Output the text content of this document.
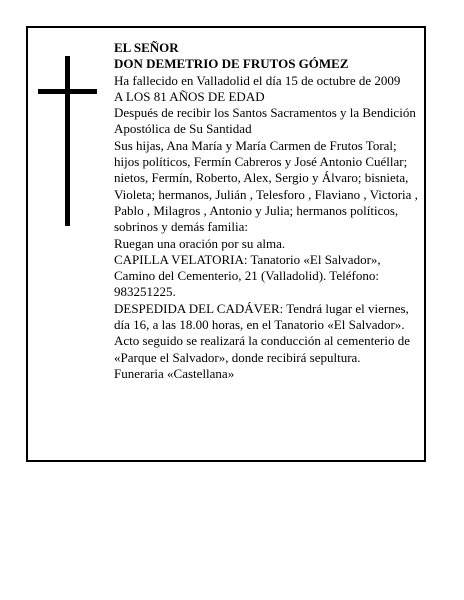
EL SEÑOR

DON DEMETRIO DE FRUTOS GÓMEZ

Ha fallecido en Valladolid el día 15 de octubre de 2009

A LOS 81 AÑOS DE EDAD

Después de recibir los Santos Sacramentos y la Bendición Apostólica de Su Santidad

Sus hijas, Ana María y María Carmen de Frutos Toral; hijos políticos, Fermín Cabreros y José Antonio Cuéllar; nietos, Fermín, Roberto, Alex, Sergio y Álvaro; bisnieta, Violeta; hermanos, Julián , Telesforo , Flaviano , Victoria , Pablo , Milagros , Antonio y Julia; hermanos políticos, sobrinos y demás familia:

Ruegan una oración por su alma.

CAPILLA VELATORIA: Tanatorio «El Salvador», Camino del Cementerio, 21 (Valladolid). Teléfono: 983251225.

DESPEDIDA DEL CADÁVER: Tendrá lugar el viernes, día 16, a las 18.00 horas, en el Tanatorio «El Salvador». Acto seguido se realizará la conducción al cementerio de «Parque el Salvador», donde recibirá sepultura.

Funeraria «Castellana»
